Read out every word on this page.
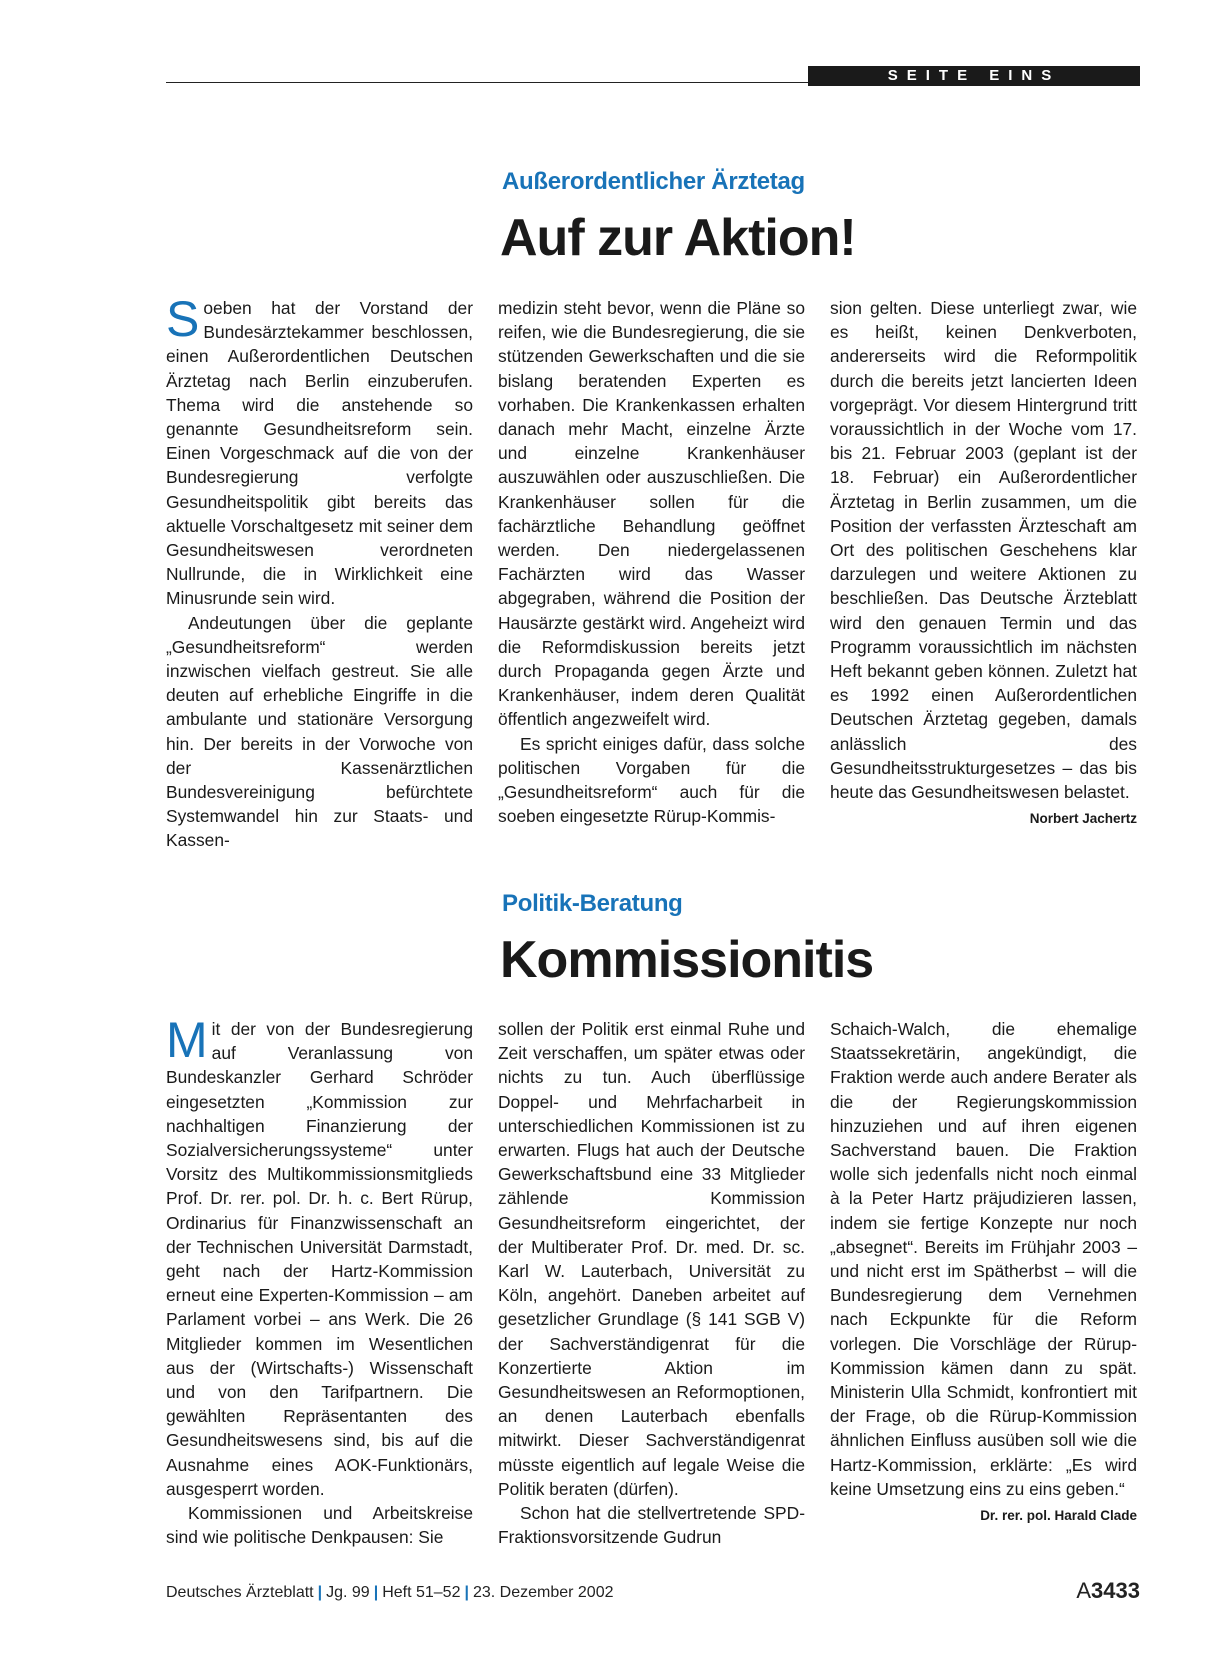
SEITE EINS
Außerordentlicher Ärztetag
Auf zur Aktion!

Soeben hat der Vorstand der Bundesärztekammer beschlossen, einen Außerordentlichen Deutschen Ärztetag nach Berlin einzuberufen. Thema wird die anstehende so genannte Gesundheitsreform sein. Einen Vorgeschmack auf die von der Bundesregierung verfolgte Gesundheitspolitik gibt bereits das aktuelle Vorschaltgesetz mit seiner dem Gesundheitswesen verordneten Nullrunde, die in Wirklichkeit eine Minusrunde sein wird.

Andeutungen über die geplante „Gesundheitsreform“ werden inzwischen vielfach gestreut. Sie alle deuten auf erhebliche Eingriffe in die ambulante und stationäre Versorgung hin. Der bereits in der Vorwoche von der Kassenärztlichen Bundesvereinigung befürchtete Systemwandel hin zur Staats- und Kassen-

medizin steht bevor, wenn die Pläne so reifen, wie die Bundesregierung, die sie stützenden Gewerkschaften und die sie bislang beratenden Experten es vorhaben. Die Krankenkassen erhalten danach mehr Macht, einzelne Ärzte und einzelne Krankenhäuser auszuwählen oder auszuschließen. Die Krankenhäuser sollen für die fachärztliche Behandlung geöffnet werden. Den niedergelassenen Fachärzten wird das Wasser abgegraben, während die Position der Hausärzte gestärkt wird. Angeheizt wird die Reformdiskussion bereits jetzt durch Propaganda gegen Ärzte und Krankenhäuser, indem deren Qualität öffentlich angezweifelt wird.

Es spricht einiges dafür, dass solche politischen Vorgaben für die „Gesundheitsreform“ auch für die soeben eingesetzte Rürup-Kommis-

sion gelten. Diese unterliegt zwar, wie es heißt, keinen Denkverboten, andererseits wird die Reformpolitik durch die bereits jetzt lancierten Ideen vorgeprägt. Vor diesem Hintergrund tritt voraussichtlich in der Woche vom 17. bis 21. Februar 2003 (geplant ist der 18. Februar) ein Außerordentlicher Ärztetag in Berlin zusammen, um die Position der verfassten Ärzteschaft am Ort des politischen Geschehens klar darzulegen und weitere Aktionen zu beschließen. Das Deutsche Ärzteblatt wird den genauen Termin und das Programm voraussichtlich im nächsten Heft bekannt geben können. Zuletzt hat es 1992 einen Außerordentlichen Deutschen Ärztetag gegeben, damals anlässlich des Gesundheitsstrukturgesetzes – das bis heute das Gesundheitswesen belastet.
Norbert Jachertz

Politik-Beratung
Kommissionitis

Mit der von der Bundesregierung auf Veranlassung von Bundeskanzler Gerhard Schröder eingesetzten „Kommission zur nachhaltigen Finanzierung der Sozialversicherungssysteme“ unter Vorsitz des Multikommissionsmitglieds Prof. Dr. rer. pol. Dr. h. c. Bert Rürup, Ordinarius für Finanzwissenschaft an der Technischen Universität Darmstadt, geht nach der Hartz-Kommission erneut eine Experten-Kommission – am Parlament vorbei – ans Werk. Die 26 Mitglieder kommen im Wesentlichen aus der (Wirtschafts-) Wissenschaft und von den Tarifpartnern. Die gewählten Repräsentanten des Gesundheitswesens sind, bis auf die Ausnahme eines AOK-Funktionärs, ausgesperrt worden.

Kommissionen und Arbeitskreise sind wie politische Denkpausen: Sie

sollen der Politik erst einmal Ruhe und Zeit verschaffen, um später etwas oder nichts zu tun. Auch überflüssige Doppel- und Mehrfacharbeit in unterschiedlichen Kommissionen ist zu erwarten. Flugs hat auch der Deutsche Gewerkschaftsbund eine 33 Mitglieder zählende Kommission Gesundheitsreform eingerichtet, der der Multiberater Prof. Dr. med. Dr. sc. Karl W. Lauterbach, Universität zu Köln, angehört. Daneben arbeitet auf gesetzlicher Grundlage (§ 141 SGB V) der Sachverständigenrat für die Konzertierte Aktion im Gesundheitswesen an Reformoptionen, an denen Lauterbach ebenfalls mitwirkt. Dieser Sachverständigenrat müsste eigentlich auf legale Weise die Politik beraten (dürfen).

Schon hat die stellvertretende SPD-Fraktionsvorsitzende Gudrun

Schaich-Walch, die ehemalige Staatssekretärin, angekündigt, die Fraktion werde auch andere Berater als die der Regierungskommission hinzuziehen und auf ihren eigenen Sachverstand bauen. Die Fraktion wolle sich jedenfalls nicht noch einmal à la Peter Hartz präjudizieren lassen, indem sie fertige Konzepte nur noch „absegnet“. Bereits im Frühjahr 2003 – und nicht erst im Spätherbst – will die Bundesregierung dem Vernehmen nach Eckpunkte für die Reform vorlegen. Die Vorschläge der Rürup-Kommission kämen dann zu spät. Ministerin Ulla Schmidt, konfrontiert mit der Frage, ob die Rürup-Kommission ähnlichen Einfluss ausüben soll wie die Hartz-Kommission, erklärte: „Es wird keine Umsetzung eins zu eins geben.“
Dr. rer. pol. Harald Clade

Deutsches Ärzteblatt | Jg. 99 | Heft 51–52 | 23. Dezember 2002	A3433
